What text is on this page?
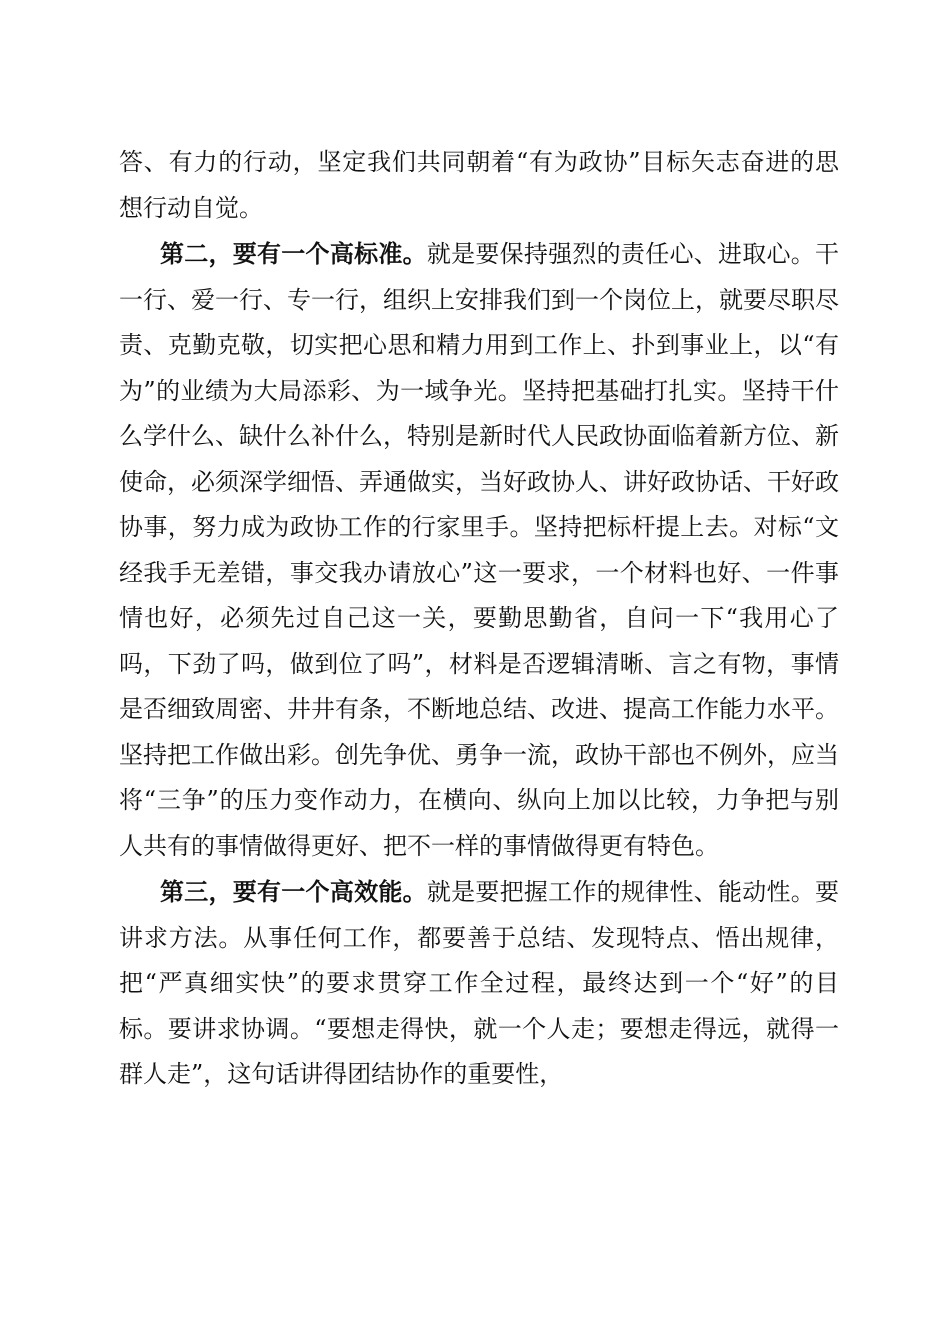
答、有力的行动，坚定我们共同朝着“有为政协”目标矢志奋进的思想行动自觉。

第二，要有一个高标准。就是要保持强烈的责任心、进取心。干一行、爱一行、专一行，组织上安排我们到一个岗位上，就要尽职尽责、克勤克敬，切实把心思和精力用到工作上、扑到事业上，以“有为”的业绩为大局添彩、为一域争光。坚持把基础打扎实。坚持干什么学什么、缺什么补什么，特别是新时代人民政协面临着新方位、新使命，必须深学细悟、弄通做实，当好政协人、讲好政协话、干好政协事，努力成为政协工作的行家里手。坚持把标杆提上去。对标“文经我手无差错，事交我办请放心”这一要求，一个材料也好、一件事情也好，必须先过自己这一关，要勤思勤省，自问一下“我用心了吗，下劲了吗，做到位了吗”，材料是否逻辑清晰、言之有物，事情是否细致周密、井井有条，不断地总结、改进、提高工作能力水平。坚持把工作做出彩。创先争优、勇争一流，政协干部也不例外，应当将“三争”的压力变作动力，在横向、纵向上加以比较，力争把与别人共有的事情做得更好、把不一样的事情做得更有特色。

第三，要有一个高效能。就是要把握工作的规律性、能动性。要讲求方法。从事任何工作，都要善于总结、发现特点、悟出规律，把“严真细实快”的要求贯穿工作全过程，最终达到一个“好”的目标。要讲求协调。“要想走得快，就一个人走；要想走得远，就得一群人走”，这句话讲得团结协作的重要性，
